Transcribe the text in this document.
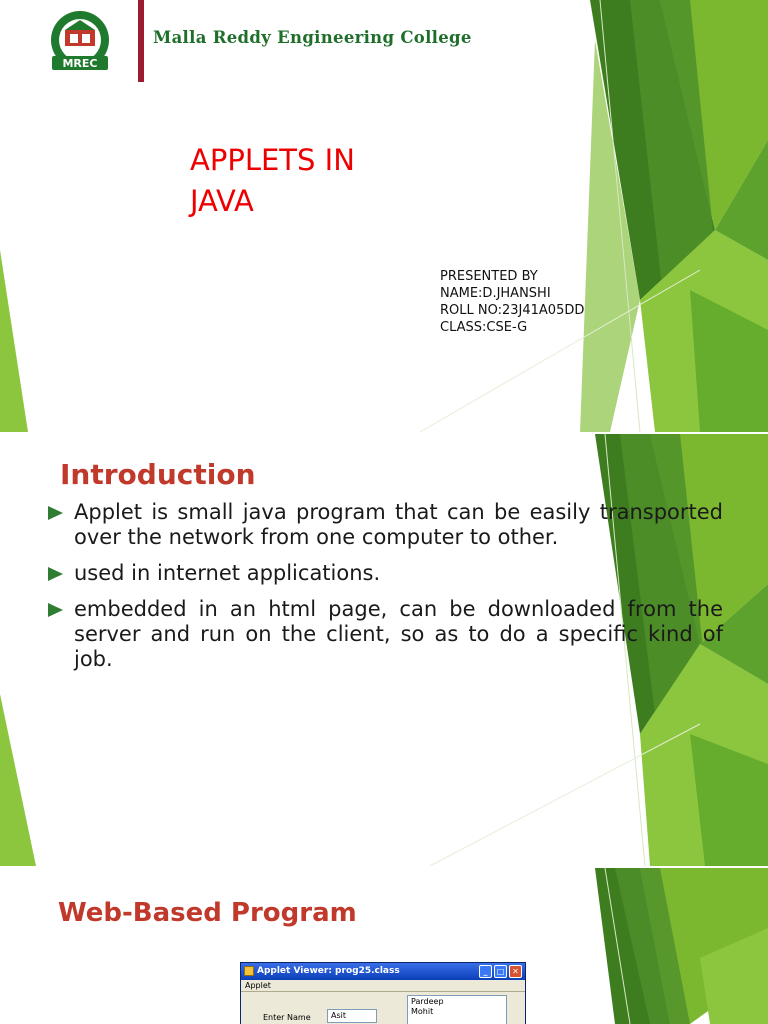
MREC
Malla Reddy Engineering College
APPLETS IN JAVA
PRESENTED BY
NAME:D.JHANSHI
ROLL NO:23J41A05DD
CLASS:CSE-G
Introduction
Applet is small java program that can be easily transported over the network from one computer to other.
used in internet applications.
embedded in an html page, can be downloaded from the server and run on the client, so as to do a specific kind of job.
Web-Based Program
Applet Viewer: prog25.class	_	□ ✕
Applet
Enter Name	Asit
Pardeep
Mohit
